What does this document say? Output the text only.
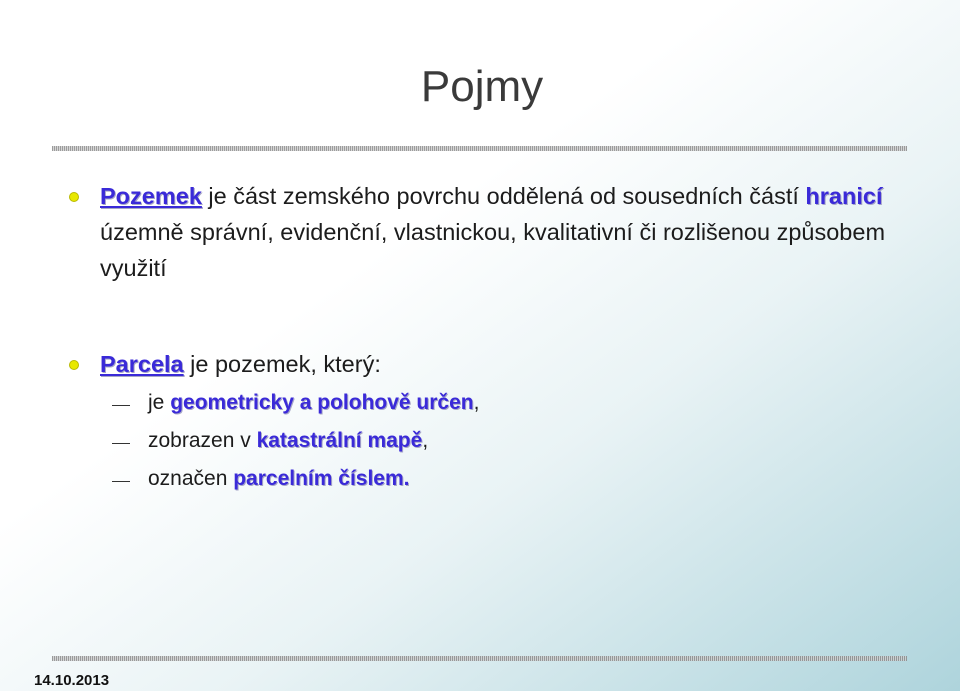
Pojmy
Pozemek je část zemského povrchu oddělená od sousedních částí hranicí územně správní, evidenční, vlastnickou, kvalitativní či rozlišenou způsobem využití
Parcela je pozemek, který:
je geometricky a polohově určen,
zobrazen v katastrální mapě,
označen parcelním číslem.
14.10.2013
